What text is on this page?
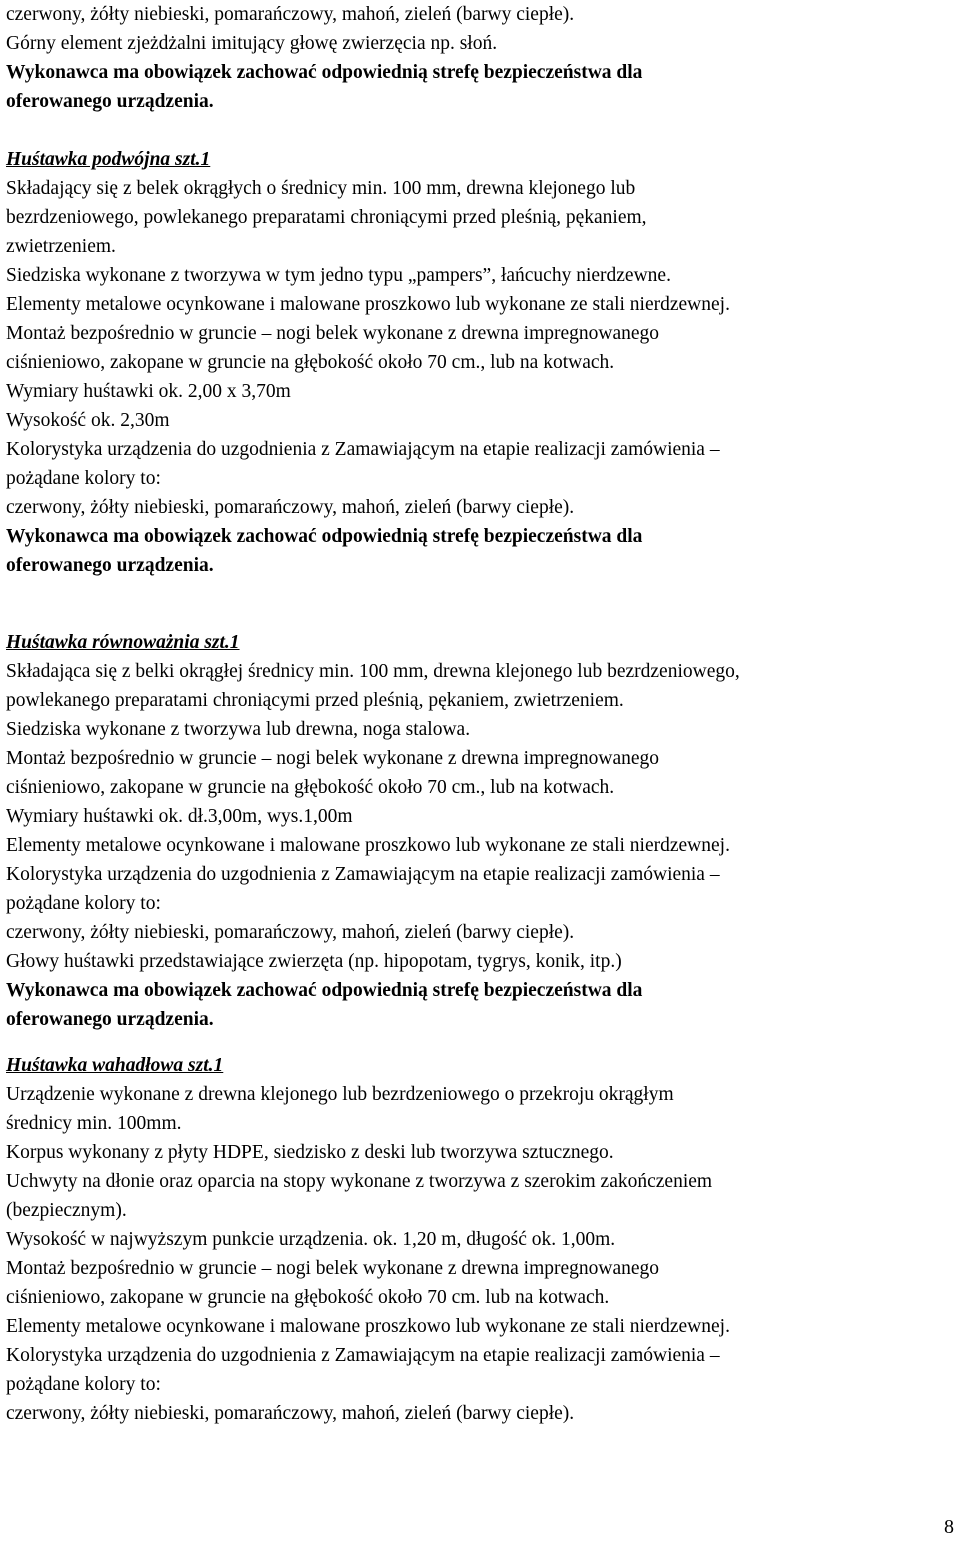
czerwony, żółty niebieski, pomarańczowy, mahoń, zieleń (barwy ciepłe).
Górny element zjeżdżalni imitujący głowę zwierzęcia np. słoń.
Wykonawca ma obowiązek zachować odpowiednią strefę bezpieczeństwa dla
oferowanego urządzenia.
Huśtawka podwójna szt.1
Składający się z belek okrągłych o średnicy min. 100 mm, drewna klejonego lub
bezrdzeniowego, powlekanego preparatami chroniącymi przed pleśnią, pękaniem,
zwietrzeniem.
Siedziska wykonane z tworzywa w tym jedno typu „pampers”, łańcuchy nierdzewne.
Elementy metalowe ocynkowane i malowane proszkowo lub wykonane ze stali nierdzewnej.
Montaż bezpośrednio w gruncie – nogi belek wykonane z drewna impregnowanego
ciśnieniowo, zakopane w gruncie na głębokość około 70 cm., lub na kotwach.
Wymiary huśtawki ok. 2,00 x 3,70m
Wysokość ok. 2,30m
Kolorystyka urządzenia do uzgodnienia z Zamawiającym na etapie realizacji zamówienia –
pożądane kolory to:
czerwony, żółty niebieski, pomarańczowy, mahoń, zieleń (barwy ciepłe).
Wykonawca ma obowiązek zachować odpowiednią strefę bezpieczeństwa dla
oferowanego urządzenia.
Huśtawka równoważnia szt.1
Składająca się z belki okrągłej średnicy min. 100 mm, drewna klejonego lub bezrdzeniowego,
powlekanego preparatami chroniącymi przed pleśnią, pękaniem, zwietrzeniem.
Siedziska wykonane z tworzywa lub drewna, noga stalowa.
Montaż bezpośrednio w gruncie – nogi belek wykonane z drewna impregnowanego
ciśnieniowo, zakopane w gruncie na głębokość około 70 cm., lub na kotwach.
Wymiary huśtawki ok. dł.3,00m, wys.1,00m
Elementy metalowe ocynkowane i malowane proszkowo lub wykonane ze stali nierdzewnej.
Kolorystyka urządzenia do uzgodnienia z Zamawiającym na etapie realizacji zamówienia –
pożądane kolory to:
czerwony, żółty niebieski, pomarańczowy, mahoń, zieleń (barwy ciepłe).
Głowy huśtawki przedstawiające zwierzęta (np. hipopotam, tygrys, konik, itp.)
Wykonawca ma obowiązek zachować odpowiednią strefę bezpieczeństwa dla
oferowanego urządzenia.
Huśtawka wahadłowa szt.1
Urządzenie wykonane z drewna klejonego lub bezrdzeniowego o przekroju okrągłym
średnicy min. 100mm.
Korpus wykonany z płyty HDPE, siedzisko z deski lub tworzywa sztucznego.
Uchwyty na dłonie oraz oparcia na stopy wykonane z tworzywa z szerokim zakończeniem
(bezpiecznym).
Wysokość w najwyższym punkcie urządzenia. ok. 1,20 m, długość ok. 1,00m.
Montaż bezpośrednio w gruncie – nogi belek wykonane z drewna impregnowanego
ciśnieniowo, zakopane w gruncie na głębokość około 70 cm. lub na kotwach.
Elementy metalowe ocynkowane i malowane proszkowo lub wykonane ze stali nierdzewnej.
Kolorystyka urządzenia do uzgodnienia z Zamawiającym na etapie realizacji zamówienia –
pożądane kolory to:
czerwony, żółty niebieski, pomarańczowy, mahoń, zieleń (barwy ciepłe).
8
